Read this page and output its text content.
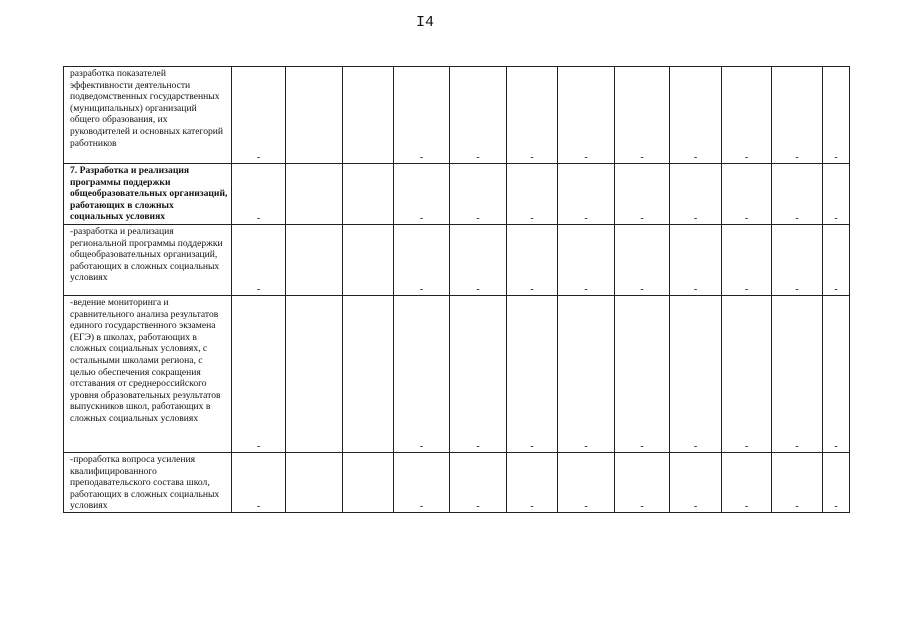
I4
разработка показателей эффективности деятельности подведомственных государственных (муниципальных) организаций общего образования, их руководителей и основных категорий работников	-			-	-	-	-	-	-	-	-	-

7. Разработка и реализация программы поддержки общеобразовательных организаций, работающих в сложных социальных условиях	-			-	-	-	-	-	-	-	-	-

-разработка и реализация региональной программы поддержки общеобразовательных организаций, работающих в сложных социальных условиях	-			-	-	-	-	-	-	-	-	-

-ведение мониторинга и сравнительного анализа результатов единого государственного экзамена (ЕГЭ) в школах, работающих в сложных социальных условиях, с остальными школами региона, с целью обеспечения сокращения отставания от среднероссийского уровня образовательных результатов выпускников школ, работающих в сложных социальных условиях	-			-	-	-	-	-	-	-	-	-

-проработка вопроса усиления квалифицированного преподавательского состава школ, работающих в сложных социальных условиях	-			-	-	-	-	-	-	-	-	-
